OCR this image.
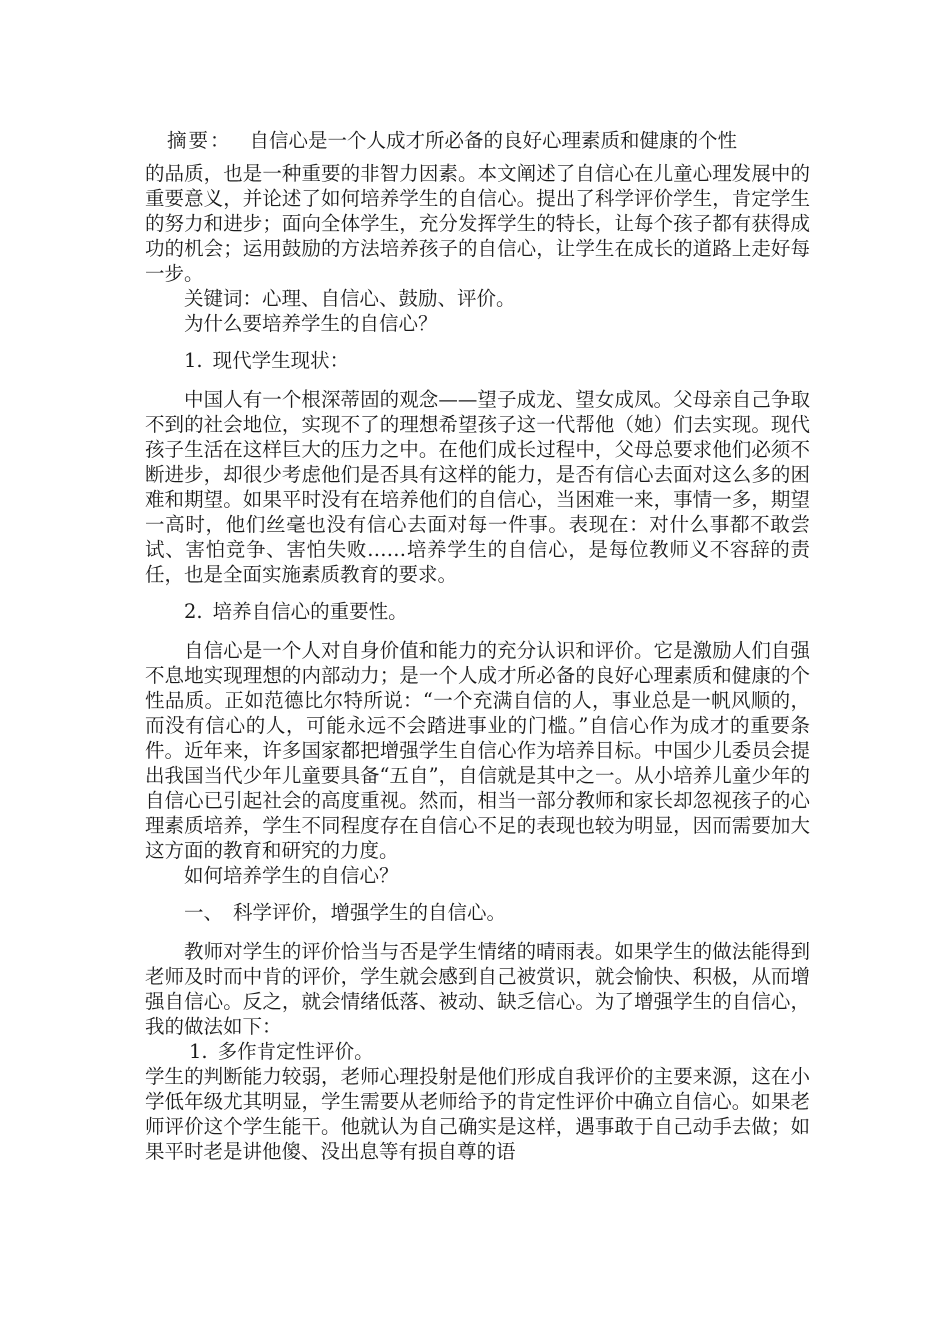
摘要： 自信心是一个人成才所必备的良好心理素质和健康的个性

的品质，也是一种重要的非智力因素。本文阐述了自信心在儿童心理发展中的重要意义，并论述了如何培养学生的自信心。提出了科学评价学生，肯定学生的努力和进步；面向全体学生，充分发挥学生的特长，让每个孩子都有获得成功的机会；运用鼓励的方法培养孩子的自信心，让学生在成长的道路上走好每一步。

关键词：心理、自信心、鼓励、评价。

为什么要培养学生的自信心？

1. 现代学生现状：

中国人有一个根深蒂固的观念——望子成龙、望女成凤。父母亲自己争取不到的社会地位，实现不了的理想希望孩子这一代帮他（她）们去实现。现代孩子生活在这样巨大的压力之中。在他们成长过程中，父母总要求他们必须不断进步，却很少考虑他们是否具有这样的能力，是否有信心去面对这么多的困难和期望。如果平时没有在培养他们的自信心，当困难一来，事情一多，期望一高时，他们丝毫也没有信心去面对每一件事。表现在：对什么事都不敢尝试、害怕竞争、害怕失败……培养学生的自信心，是每位教师义不容辞的责任，也是全面实施素质教育的要求。

2. 培养自信心的重要性。

自信心是一个人对自身价值和能力的充分认识和评价。它是激励人们自强不息地实现理想的内部动力；是一个人成才所必备的良好心理素质和健康的个性品质。正如范德比尔特所说：“一个充满自信的人，事业总是一帆风顺的，而没有信心的人，可能永远不会踏进事业的门槛。”自信心作为成才的重要条件。近年来，许多国家都把增强学生自信心作为培养目标。中国少儿委员会提出我国当代少年儿童要具备“五自”，自信就是其中之一。从小培养儿童少年的自信心已引起社会的高度重视。然而，相当一部分教师和家长却忽视孩子的心理素质培养，学生不同程度存在自信心不足的表现也较为明显，因而需要加大这方面的教育和研究的力度。

如何培养学生的自信心？

一、 科学评价，增强学生的自信心。

教师对学生的评价恰当与否是学生情绪的晴雨表。如果学生的做法能得到老师及时而中肯的评价，学生就会感到自己被赏识，就会愉快、积极，从而增强自信心。反之，就会情绪低落、被动、缺乏信心。为了增强学生的自信心，我的做法如下：

1. 多作肯定性评价。

学生的判断能力较弱，老师心理投射是他们形成自我评价的主要来源，这在小学低年级尤其明显，学生需要从老师给予的肯定性评价中确立自信心。如果老师评价这个学生能干。他就认为自己确实是这样，遇事敢于自己动手去做；如果平时老是讲他傻、没出息等有损自尊的语
